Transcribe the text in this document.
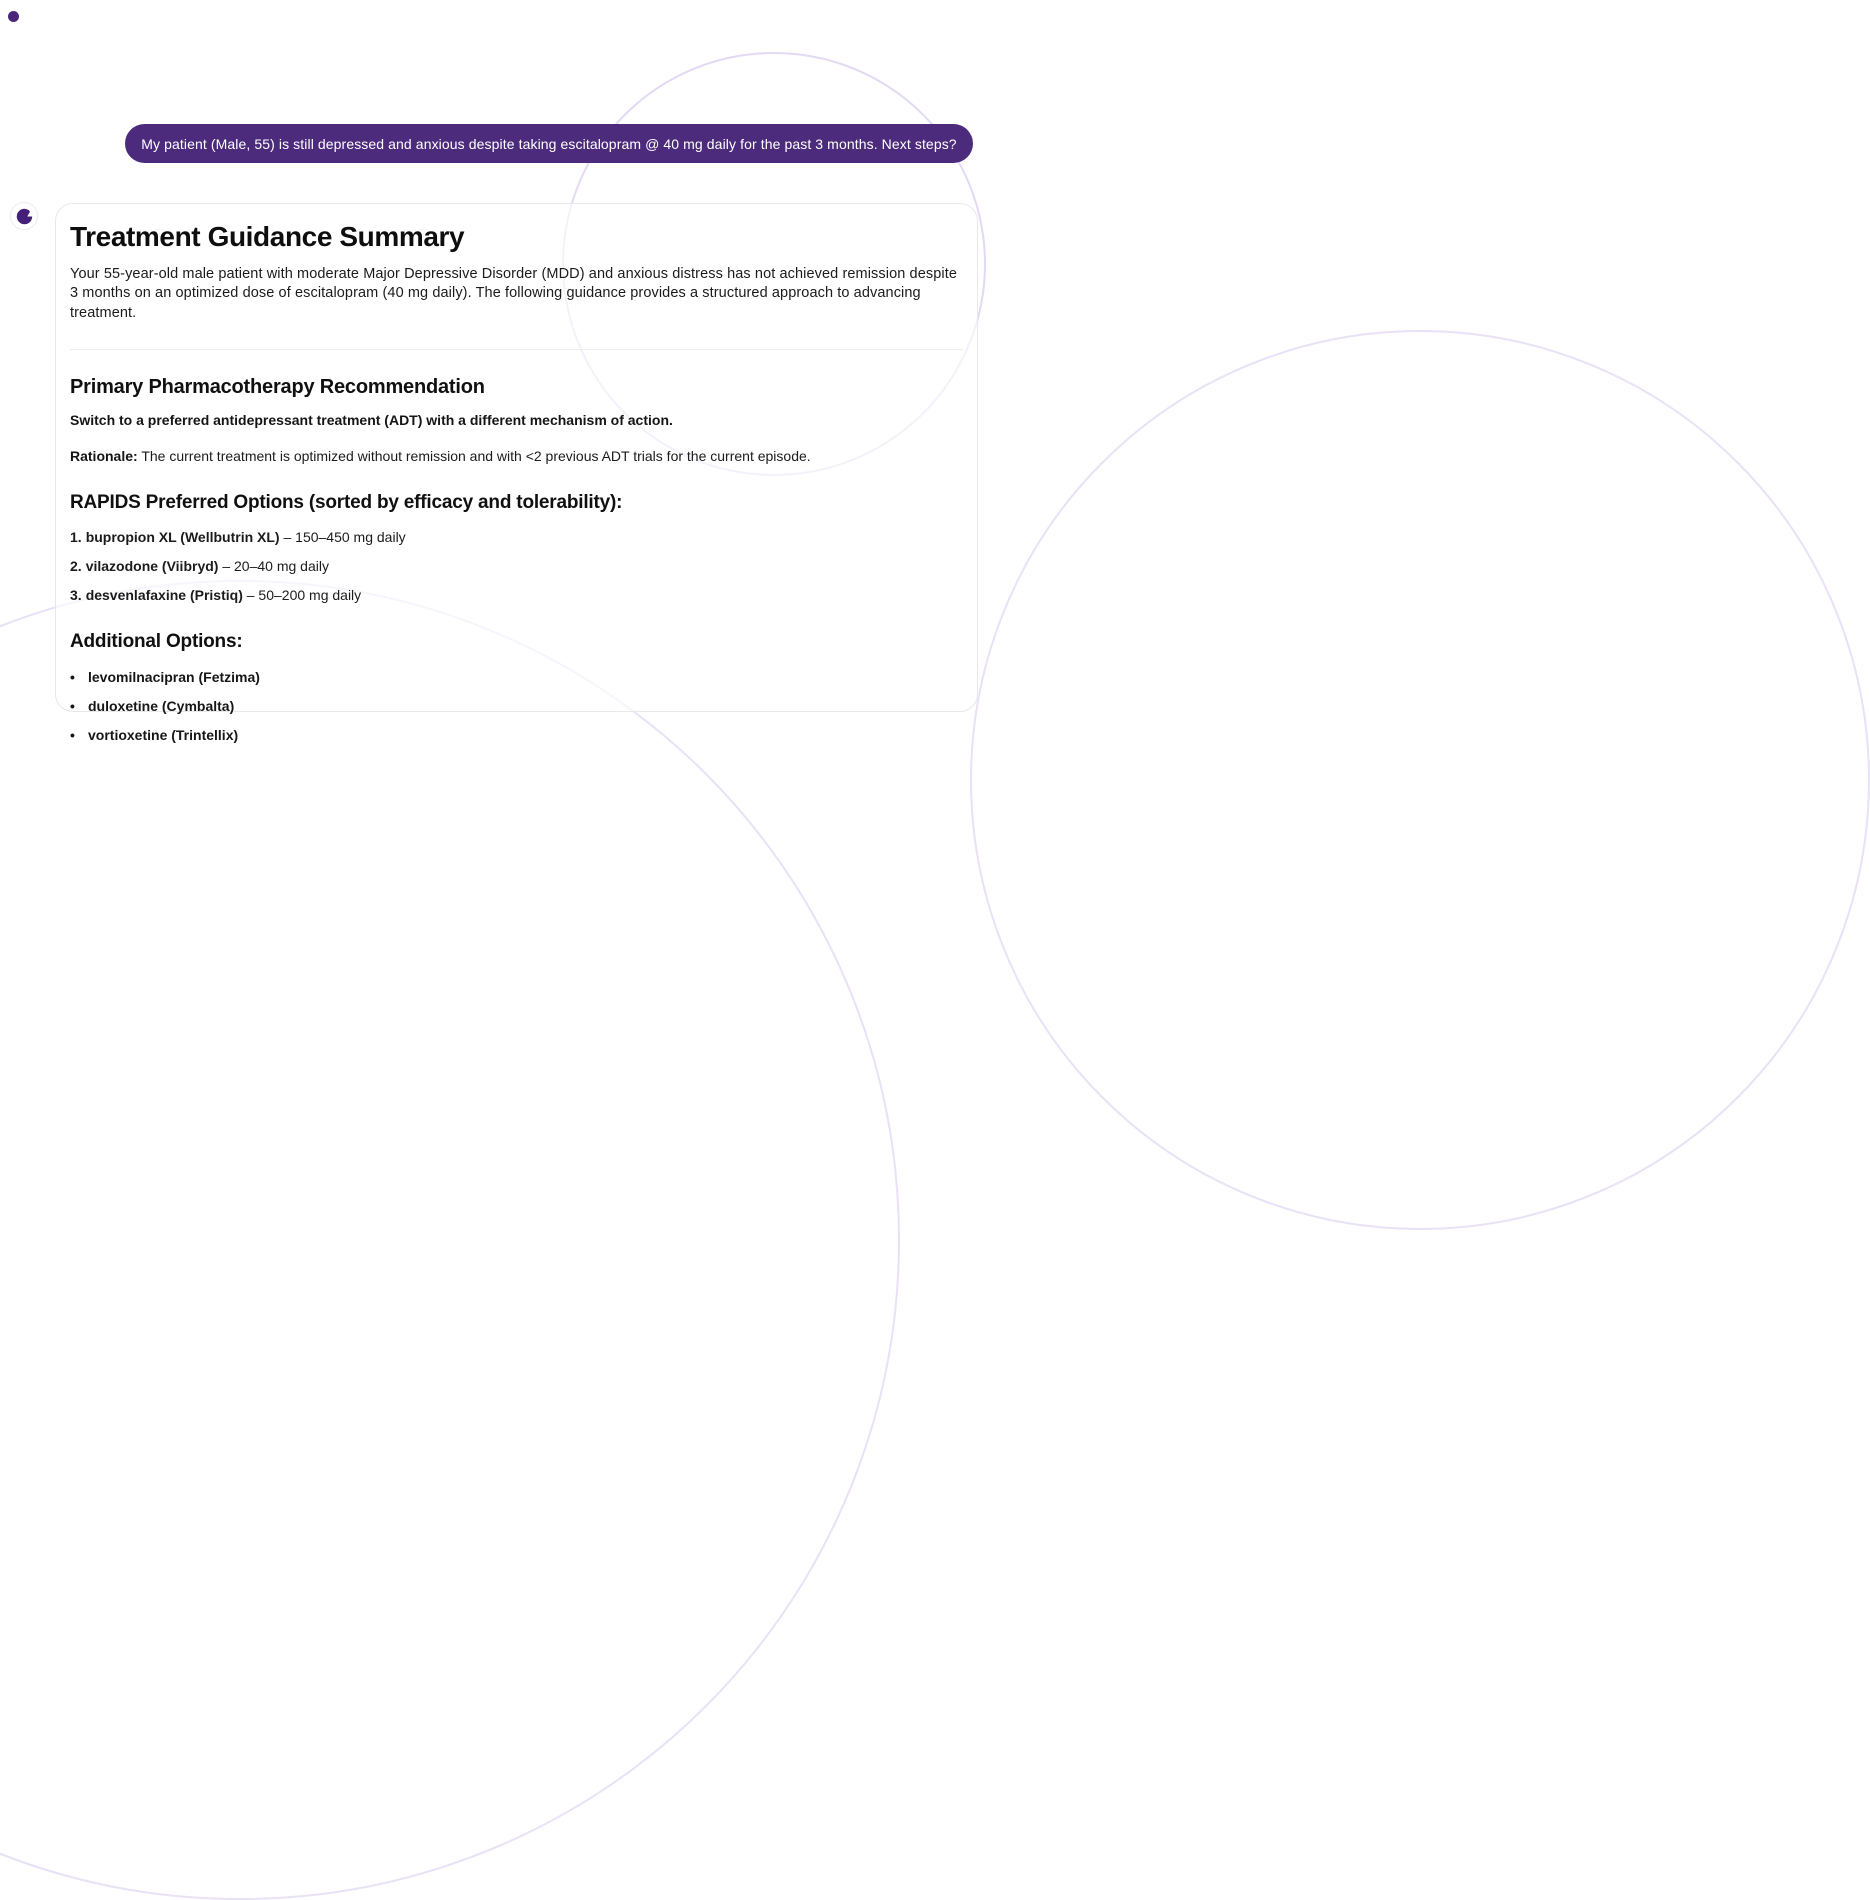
My patient (Male, 55) is still depressed and anxious despite taking escitalopram @ 40 mg daily for the past 3 months. Next steps?
Treatment Guidance Summary

Your 55-year-old male patient with moderate Major Depressive Disorder (MDD) and anxious distress has not achieved remission despite 3 months on an optimized dose of escitalopram (40 mg daily). The following guidance provides a structured approach to advancing treatment.

Primary Pharmacotherapy Recommendation

Switch to a preferred antidepressant treatment (ADT) with a different mechanism of action.

Rationale: The current treatment is optimized without remission and with <2 previous ADT trials for the current episode.

RAPIDS Preferred Options (sorted by efficacy and tolerability):
1. bupropion XL (Wellbutrin XL) – 150–450 mg daily
2. vilazodone (Viibryd) – 20–40 mg daily
3. desvenlafaxine (Pristiq) – 50–200 mg daily
Additional Options:
• levomilnacipran (Fetzima)
• duloxetine (Cymbalta)
• vortioxetine (Trintellix)
